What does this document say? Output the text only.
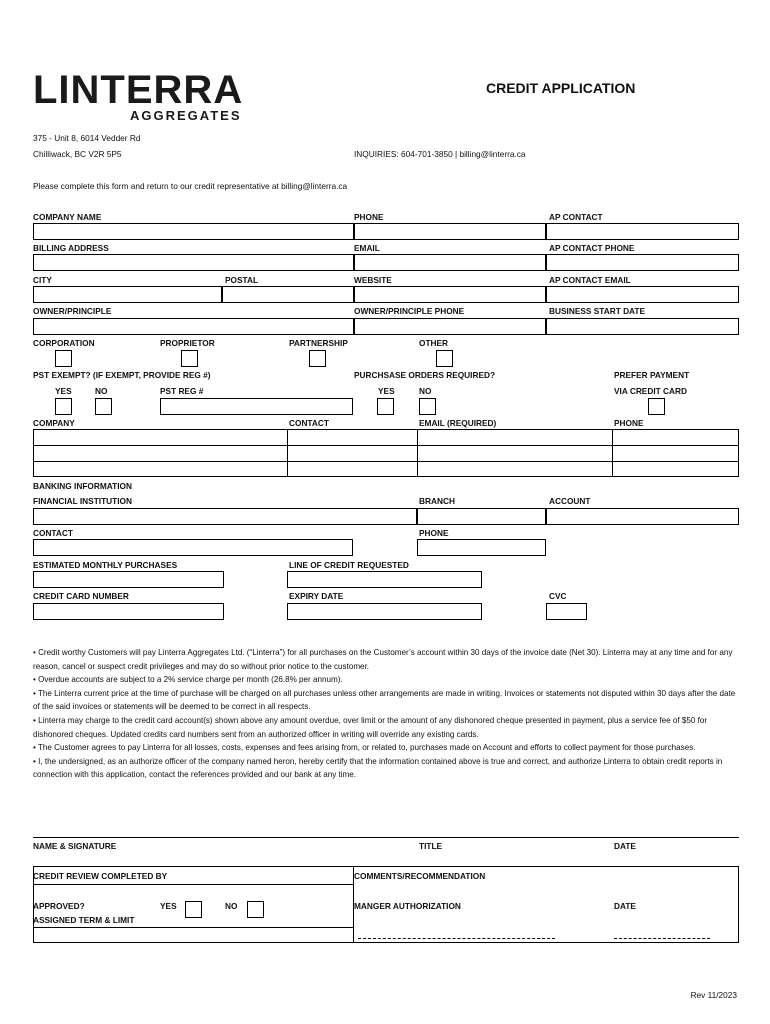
LINTERRA
AGGREGATES
CREDIT APPLICATION
375 - Unit 8, 6014 Vedder Rd
Chilliwack, BC V2R 5P5	INQUIRIES: 604-701-3850 | billing@linterra.ca
Please complete this form and return to our credit representative at billing@linterra.ca
COMPANY NAME	PHONE	AP CONTACT
BILLING ADDRESS	EMAIL	AP CONTACT PHONE
CITY	POSTAL	WEBSITE	AP CONTACT EMAIL
OWNER/PRINCIPLE	OWNER/PRINCIPLE PHONE	BUSINESS START DATE
CORPORATION	PROPRIETOR	PARTNERSHIP	OTHER
PST EXEMPT? (IF EXEMPT, PROVIDE REG #)	PURCHSASE ORDERS REQUIRED?	PREFER PAYMENT
YES	NO	PST REG #	YES	NO	VIA CREDIT CARD
COMPANY	CONTACT	EMAIL (REQUIRED)	PHONE
BANKING INFORMATION
FINANCIAL INSTITUTION	BRANCH	ACCOUNT
CONTACT	PHONE
ESTIMATED MONTHLY PURCHASES	LINE OF CREDIT REQUESTED
CREDIT CARD NUMBER	EXPIRY DATE	CVC

• Credit worthy Customers will pay Linterra Aggregates Ltd. (“Linterra”) for all purchases on the Customer’s account within 30 days of the invoice date (Net 30). Linterra may at any time and for any reason, cancel or suspect credit privileges and may do so without prior notice to the customer.

• Overdue accounts are subject to a 2% service charge per month (26.8% per annum).

• The Linterra current price at the time of purchase will be charged on all purchases unless other arrangements are made in writing. Invoices or statements not disputed within 30 days after the date of the said invoices or statements will be deemed to be correct in all respects.

• Linterra may charge to the credit card account(s) shown above any amount overdue, over limit or the amount of any dishonored cheque presented in payment, plus a service fee of $50 for dishonored cheques. Updated credits card numbers sent from an authorized officer in writing will override any existing cards.

• The Customer agrees to pay Linterra for all losses, costs, expenses and fees arising from, or related to, purchases made on Account and efforts to collect payment for those purchases.

• I, the undersigned, as an authorize officer of the company named heron, hereby certify that the information contained above is true and correct, and authorize Linterra to obtain credit reports in connection with this application, contact the references provided and our bank at any time.

NAME & SIGNATURE	TITLE	DATE
CREDIT REVIEW COMPLETED BY	COMMENTS/RECOMMENDATION
APPROVED?	YES	NO	MANGER AUTHORIZATION	DATE
ASSIGNED TERM & LIMIT
Rev 11/2023
